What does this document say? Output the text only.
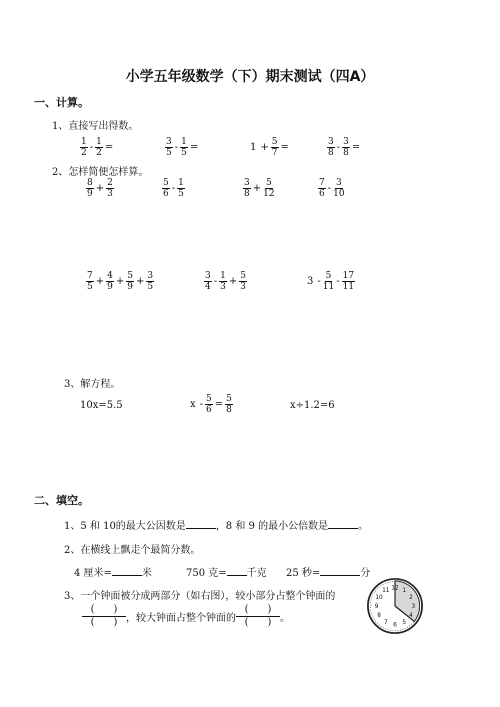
小学五年级数学（下）期末测试（四A）
一、计算。
1、直接写出得数。
$\frac{1}{2} - \frac{1}{2}$ =	$\frac{3}{5} - \frac{1}{5}$ =	$1 + \frac{5}{7}$ =	$\frac{3}{8} - \frac{3}{8}$ =
2、怎样简便怎样算。
$\frac{8}{9} + \frac{2}{3}$	$\frac{5}{6} - \frac{1}{5}$	$\frac{3}{8} + \frac{5}{12}$	$\frac{7}{6} - \frac{3}{10}$
$\frac{7}{5} + \frac{4}{9} + \frac{5}{9} + \frac{3}{5}$	$\frac{3}{4} - \frac{1}{3} + \frac{5}{3}$	$3 - \frac{5}{11} - \frac{17}{11}$
3、解方程。
10x=5.5	$x - \frac{5}{6} = \frac{5}{8}$	x÷1.2=6
二、填空。
1、5 和 10的最大公因数是	，8 和 9 的最小公倍数是	。
2、在横线上飘走个最简分数。
4 厘米=	米	750 克= 千克 25 秒=	分
3、一个钟面被分成两部分（如右图），较小部分占整个钟面的
$\frac{( )}{( )}$ ，较大钟面占整个钟面的 $\frac{( )}{( )}$ 。
12 1
2
3
4
5
6
7
8
9
10
11
